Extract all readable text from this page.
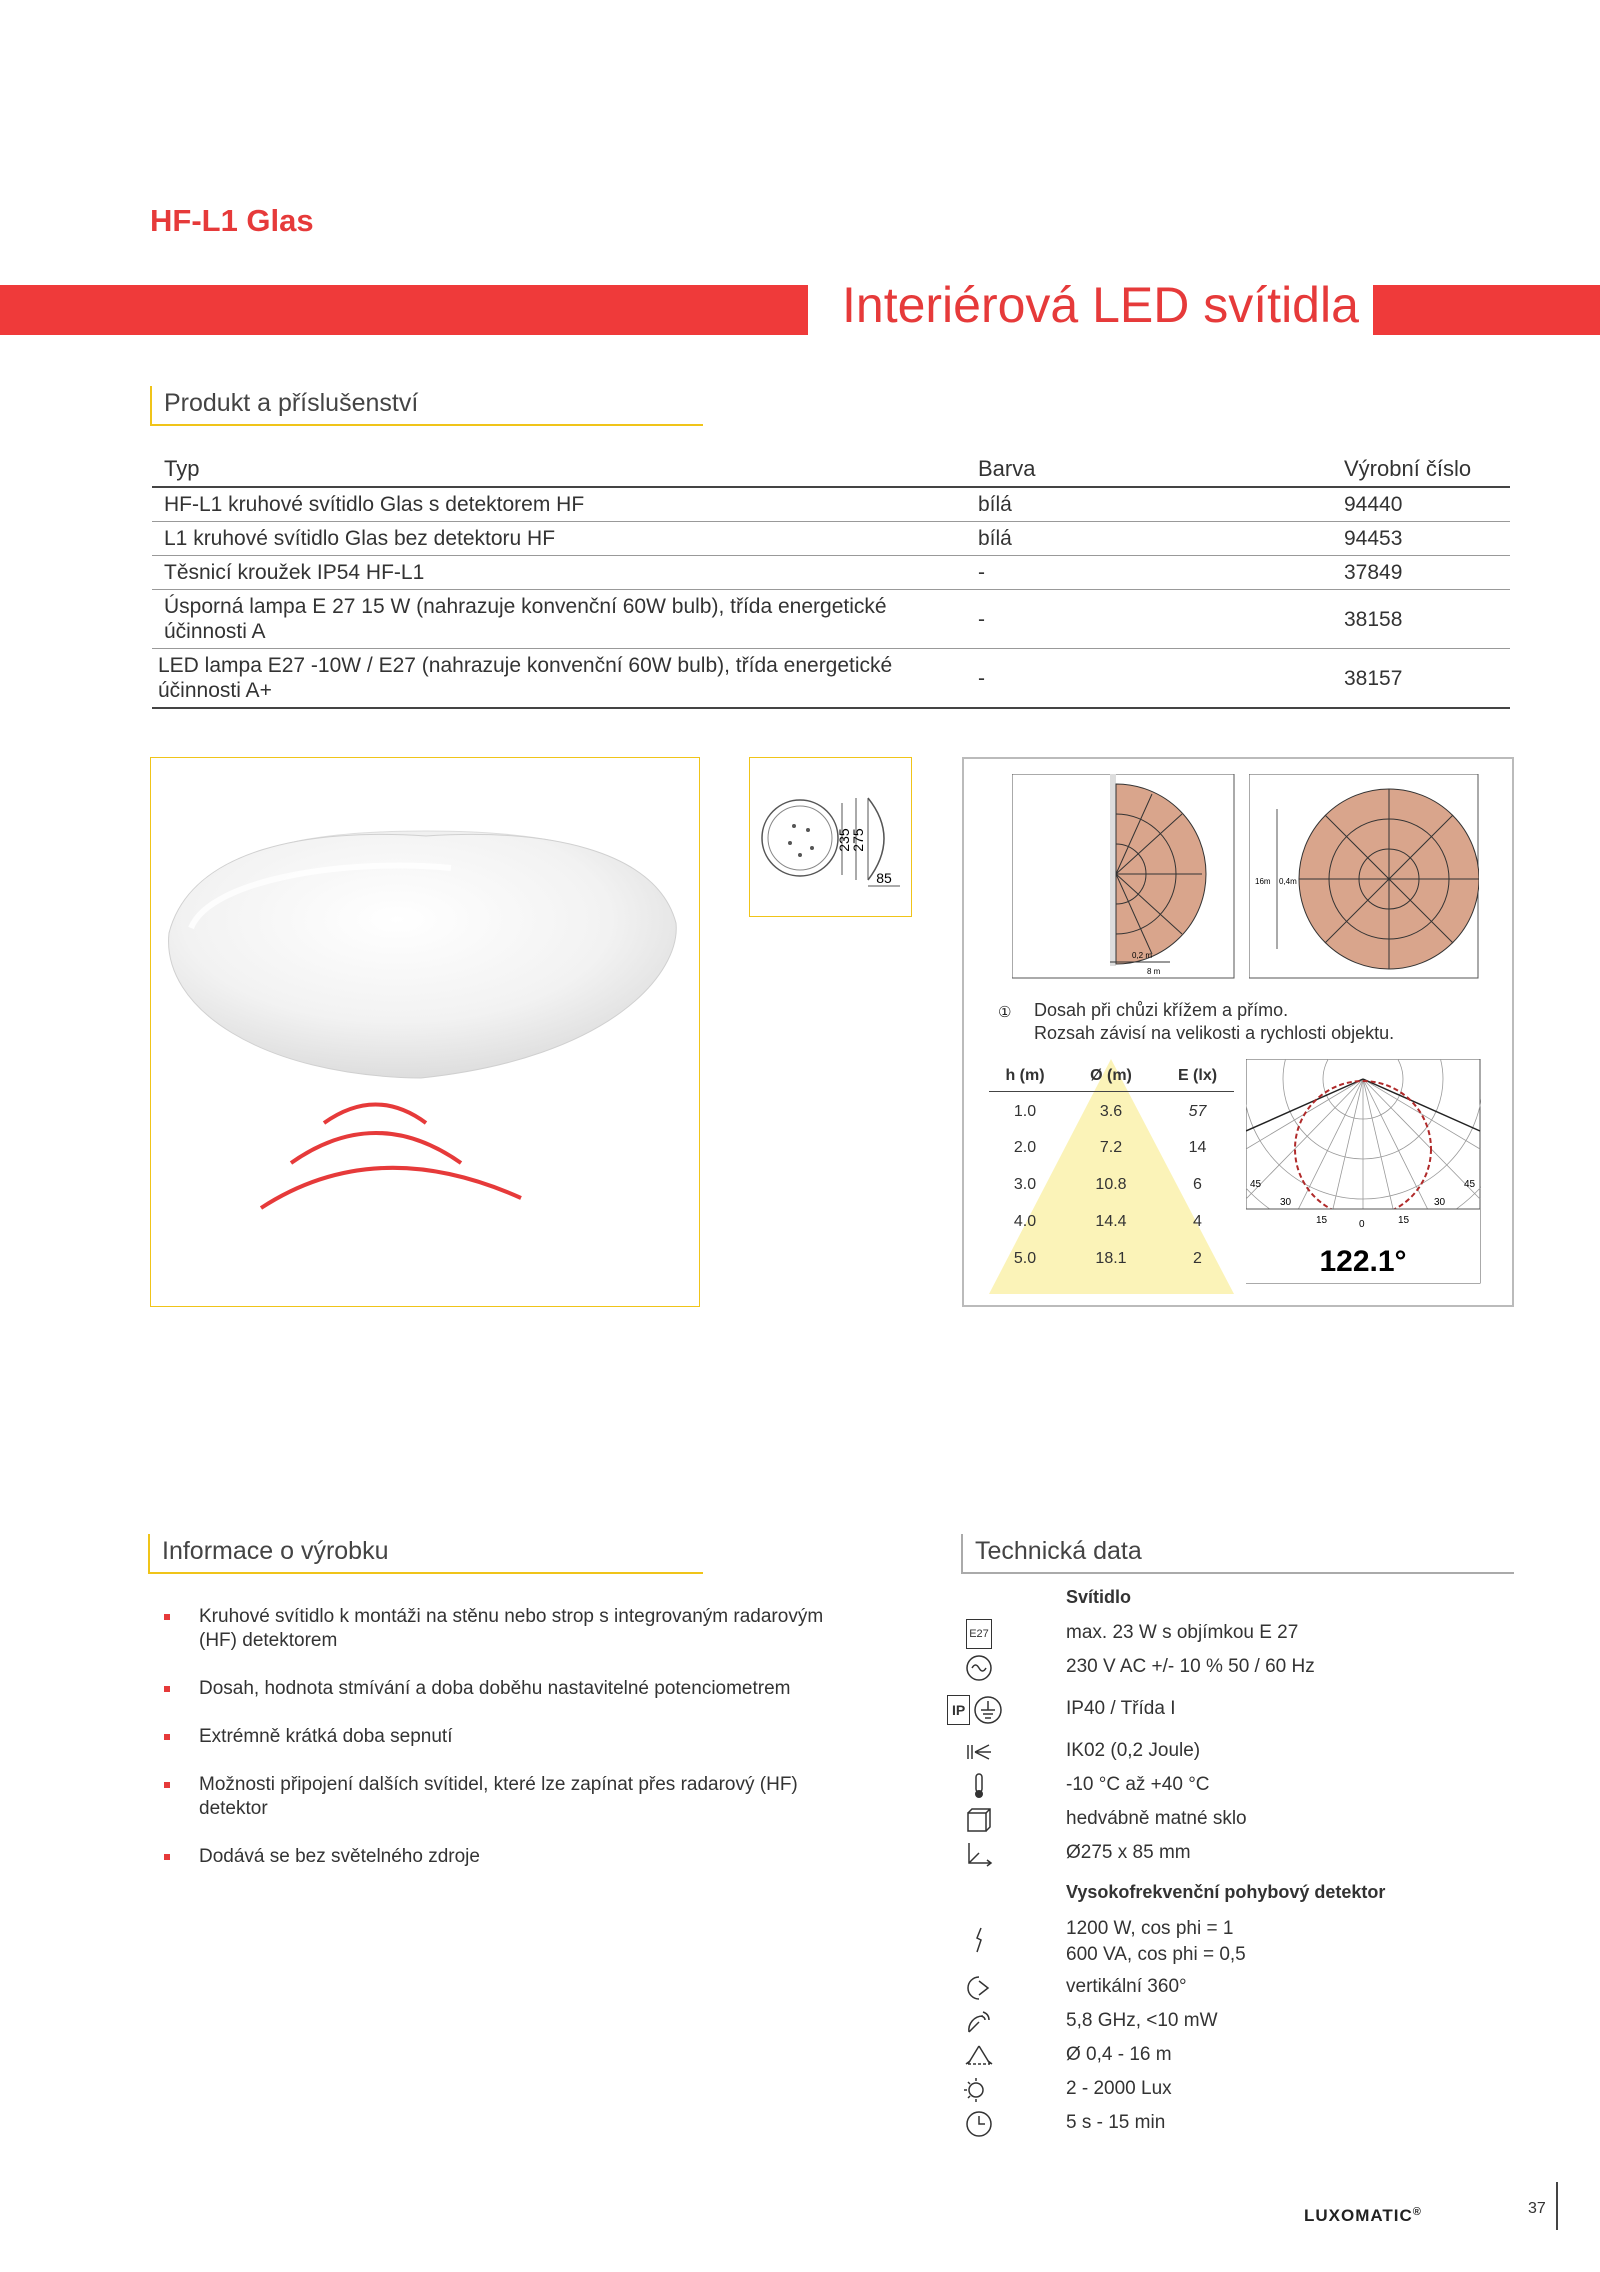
HF-L1 Glas
Interiérová LED svítidla
Produkt a příslušenství
Typ	Barva	Výrobní číslo
HF-L1 kruhové svítidlo Glas s detektorem HF	bílá	94440
L1 kruhové svítidlo Glas bez detektoru HF	bílá	94453
Těsnicí kroužek IP54 HF-L1	-	37849
Úsporná lampa E 27 15 W (nahrazuje konvenční 60W bulb), třída energetické účinnosti A	-	38158
LED lampa E27 -10W / E27 (nahrazuje konvenční 60W bulb), třída energetické účinnosti A+	-	38157
235
275
85
0,2 m
8 m
16m 0,4m
① Dosah při chůzi křížem a přímo.
Rozsah závisí na velikosti a rychlosti objektu.
h (m)	Ø (m)	E (lx)
1.0	3.6	57
2.0	7.2	14
3.0	10.8	6
4.0	14.4	4
5.0	18.1	2
45	45
30	30
15	15
0
122.1°
Informace o výrobku
Kruhové svítidlo k montáži na stěnu nebo strop s integrovaným radarovým (HF) detektorem
Dosah, hodnota stmívání a doba doběhu nastavitelné potenciometrem
Extrémně krátká doba sepnutí
Možnosti připojení dalších svítidel, které lze zapínat přes radarový (HF) detektor
Dodává se bez světelného zdroje
Technická data
Svítidlo
E27	max. 23 W s objímkou E 27
230 V AC +/- 10 % 50 / 60 Hz
IP	IP40 / Třída I
IK02 (0,2 Joule)
-10 °C až +40 °C
hedvábně matné sklo
Ø275 x 85 mm
Vysokofrekvenční pohybový detektor
1200 W, cos phi = 1
600 VA, cos phi = 0,5
vertikální 360°
5,8 GHz, <10 mW
Ø 0,4 - 16 m
2 - 2000 Lux
5 s - 15 min
LUXOMATIC®	37
